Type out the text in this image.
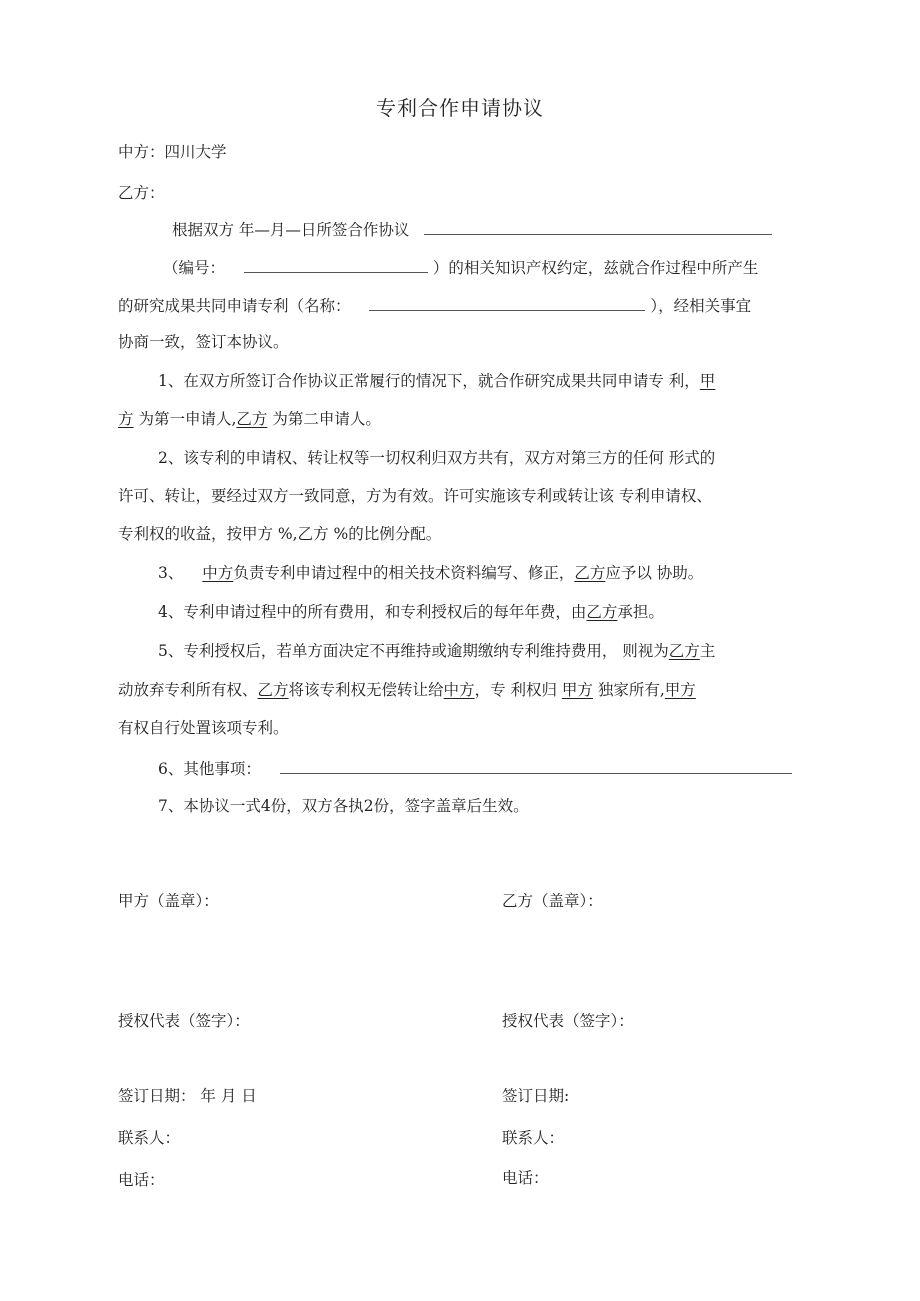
专利合作申请协议
中方：四川大学
乙方：
根据双方 年—月—日所签合作协议
（编号：	）的相关知识产权约定，兹就合作过程中所产生
的研究成果共同申请专利（名称：	），经相关事宜
协商一致，签订本协议。
1、在双方所签订合作协议正常履行的情况下，就合作研究成果共同申请专 利，甲
方 为第一申请人,乙方 为第二申请人。
2、该专利的申请权、转让权等一切权利归双方共有，双方对第三方的任何 形式的
许可、转让，要经过双方一致同意，方为有效。许可实施该专利或转让该 专利申请权、
专利权的收益，按甲方 %,乙方 %的比例分配。
3、 中方负责专利申请过程中的相关技术资料编写、修正，乙方应予以 协助。
4、专利申请过程中的所有费用，和专利授权后的每年年费，由乙方承担。
5、专利授权后，若单方面决定不再维持或逾期缴纳专利维持费用， 则视为乙方主
动放弃专利所有权、乙方将该专利权无偿转让给中方，专 利权归 甲方 独家所有,甲方
有权自行处置该项专利。
6、其他事项：
7、本协议一式4份，双方各执2份，签字盖章后生效。
甲方（盖章）：	乙方（盖章）：
授权代表（签字）：	授权代表（签字）：
签订日期： 年 月 日	签订日期:
联系人：	联系人：
电话：	电话：
